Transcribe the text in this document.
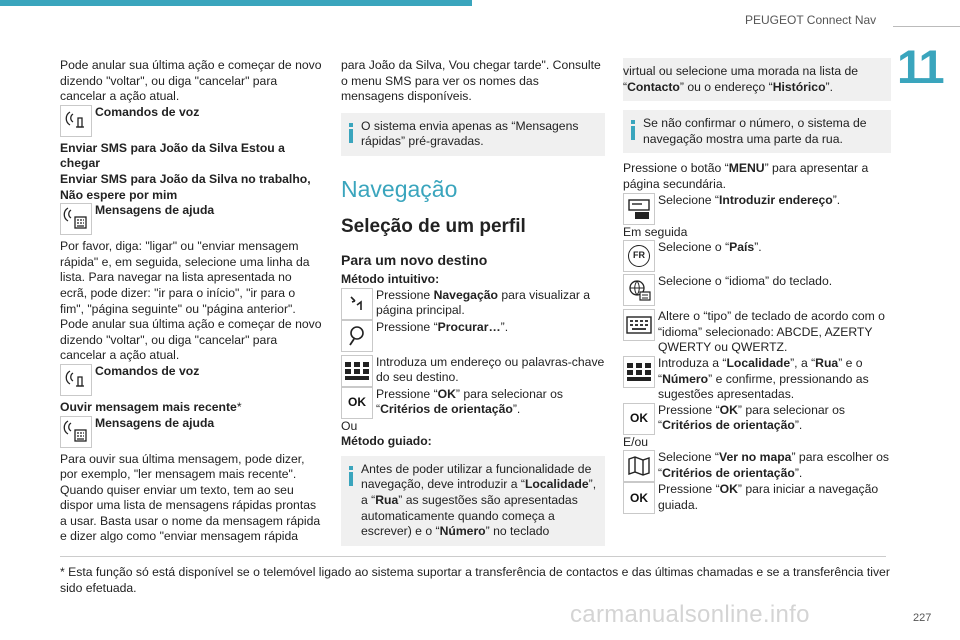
PEUGEOT Connect Nav
11

Pode anular sua última ação e começar de novo dizendo "voltar", ou diga "cancelar" para cancelar a ação atual.

Comandos de voz

Enviar SMS para João da Silva Estou a chegar

Enviar SMS para João da Silva no trabalho, Não espere por mim

Mensagens de ajuda

Por favor, diga: "ligar" ou "enviar mensagem rápida" e, em seguida, selecione uma linha da lista. Para navegar na lista apresentada no ecrã, pode dizer: "ir para o início", "ir para o fim", "página seguinte" ou "página anterior". Pode anular sua última ação e começar de novo dizendo "voltar", ou diga "cancelar" para cancelar a ação atual.

Comandos de voz

Ouvir mensagem mais recente*

Mensagens de ajuda

Para ouvir sua última mensagem, pode dizer, por exemplo, "ler mensagem mais recente". Quando quiser enviar um texto, tem ao seu dispor uma lista de mensagens rápidas prontas a usar. Basta usar o nome da mensagem rápida e dizer algo como "enviar mensagem rápida

para João da Silva, Vou chegar tarde". Consulte o menu SMS para ver os nomes das mensagens disponíveis.

O sistema envia apenas as “Mensagens rápidas” pré-gravadas.

Navegação

Seleção de um perfil

Para um novo destino

Método intuitivo:

Pressione Navegação para visualizar a página principal.

Pressione “Procurar…”.

Introduza um endereço ou palavras-chave do seu destino.

OK

Pressione “OK” para selecionar os “Critérios de orientação”.

Ou

Método guiado:

Antes de poder utilizar a funcionalidade de navegação, deve introduzir a “Localidade”, a “Rua” as sugestões são apresentadas automaticamente quando começa a escrever) e o “Número” no teclado

virtual ou selecione uma morada na lista de “Contacto” ou o endereço “Histórico”.

Se não confirmar o número, o sistema de navegação mostra uma parte da rua.

Pressione o botão “MENU” para apresentar a página secundária.

Selecione “Introduzir endereço”.

Em seguida

FR

Selecione o “País”.

Selecione o “idioma” do teclado.

Altere o “tipo” de teclado de acordo com o “idioma” selecionado: ABCDE, AZERTY QWERTY ou QWERTZ.

Introduza a “Localidade”, a “Rua” e o “Número” e confirme, pressionando as sugestões apresentadas.

OK

Pressione “OK” para selecionar os “Critérios de orientação”.

E/ou

Selecione “Ver no mapa” para escolher os “Critérios de orientação”.

OK

Pressione “OK” para iniciar a navegação guiada.

* Esta função só está disponível se o telemóvel ligado ao sistema suportar a transferência de contactos e das últimas chamadas e se a transferência tiver sido efetuada.

carmanualsonline.info	227
